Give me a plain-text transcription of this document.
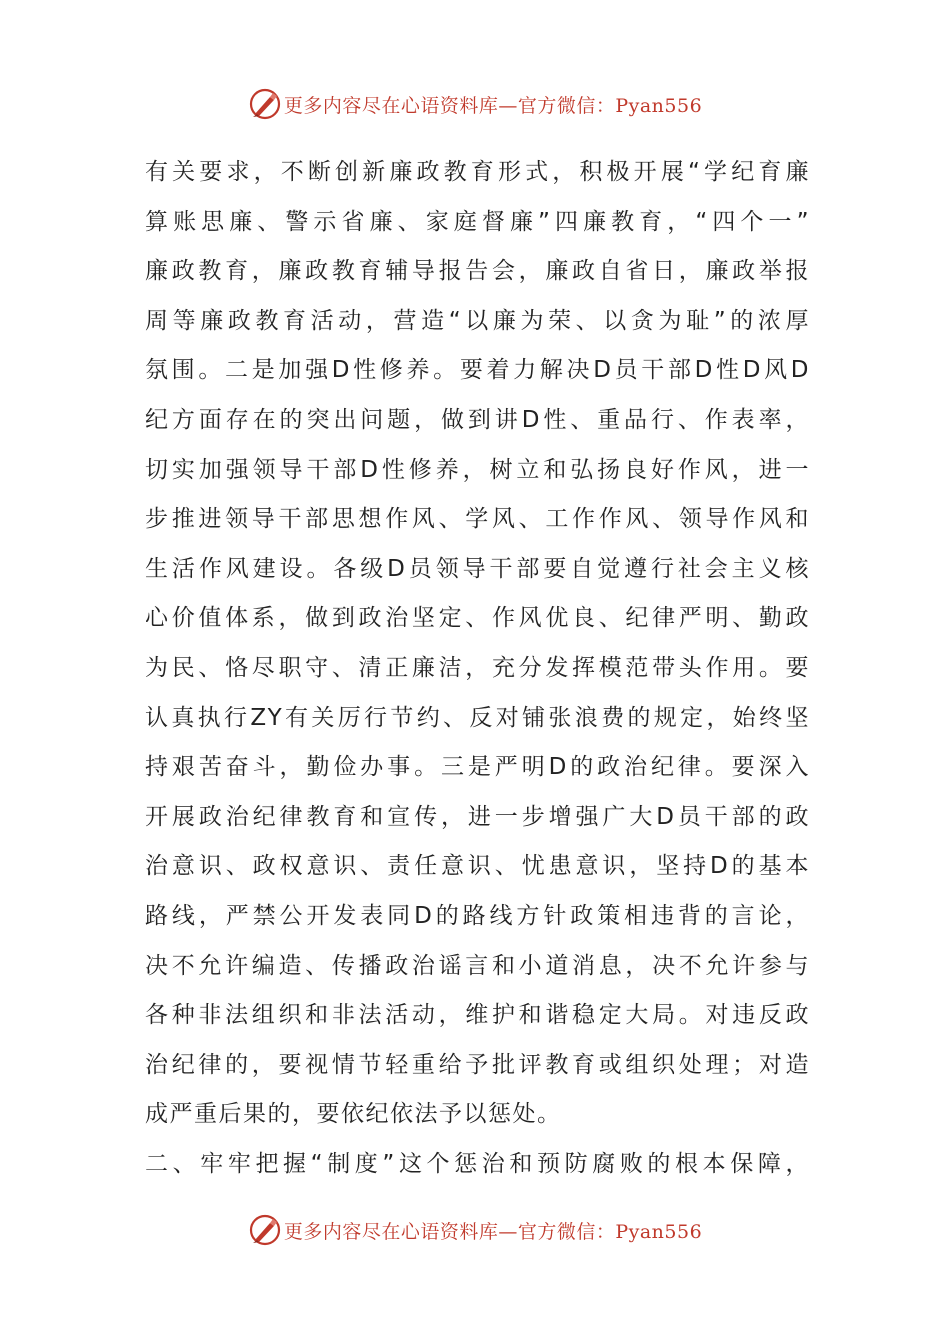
更多内容尽在心语资料库—官方微信：Pyan556
有关要求，不断创新廉政教育形式，积极开展“学纪育廉
算账思廉、警示省廉、家庭督廉”四廉教育，“四个一”
廉政教育，廉政教育辅导报告会，廉政自省日，廉政举报
周等廉政教育活动，营造“以廉为荣、以贪为耻”的浓厚
氛围。二是加强D性修养。要着力解决D员干部D性D风D
纪方面存在的突出问题，做到讲D性、重品行、作表率，
切实加强领导干部D性修养，树立和弘扬良好作风，进一
步推进领导干部思想作风、学风、工作作风、领导作风和
生活作风建设。各级D员领导干部要自觉遵行社会主义核
心价值体系，做到政治坚定、作风优良、纪律严明、勤政
为民、恪尽职守、清正廉洁，充分发挥模范带头作用。要
认真执行ZY有关厉行节约、反对铺张浪费的规定，始终坚
持艰苦奋斗，勤俭办事。三是严明D的政治纪律。要深入
开展政治纪律教育和宣传，进一步增强广大D员干部的政
治意识、政权意识、责任意识、忧患意识，坚持D的基本
路线，严禁公开发表同D的路线方针政策相违背的言论，
决不允许编造、传播政治谣言和小道消息，决不允许参与
各种非法组织和非法活动，维护和谐稳定大局。对违反政
治纪律的，要视情节轻重给予批评教育或组织处理；对造
成严重后果的，要依纪依法予以惩处。
二、牢牢把握“制度”这个惩治和预防腐败的根本保障，
更多内容尽在心语资料库—官方微信：Pyan556
